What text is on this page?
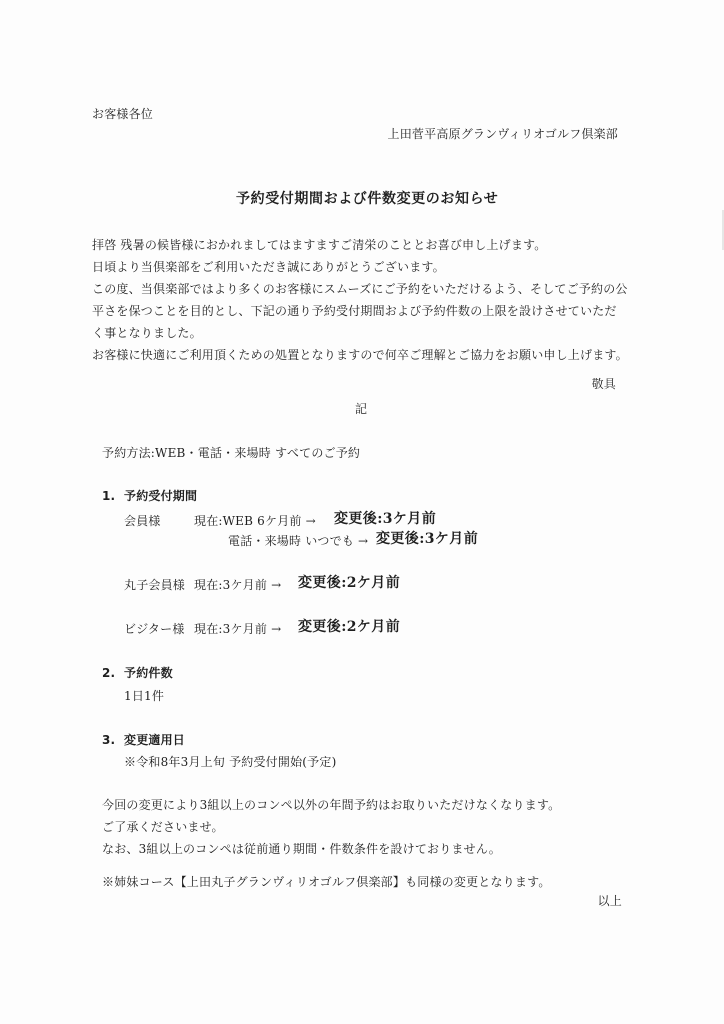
お客様各位
上田菅平高原グランヴィリオゴルフ倶楽部
予約受付期間および件数変更のお知らせ
拝啓 残暑の候皆様におかれましてはますますご清栄のこととお喜び申し上げます。
日頃より当倶楽部をご利用いただき誠にありがとうございます。
この度、当倶楽部ではより多くのお客様にスムーズにご予約をいただけるよう、そしてご予約の公
平さを保つことを目的とし、下記の通り予約受付期間および予約件数の上限を設けさせていただ
く事となりました。
お客様に快適にご利用頂くための処置となりますので何卒ご理解とご協力をお願い申し上げます。
敬具
記
予約方法:WEB・電話・来場時 すべてのご予約
1. 予約受付期間
会員様	現在:WEB 6ケ月前 → 変更後:3ケ月前
電話・来場時 いつでも → 変更後:3ケ月前
丸子会員様 現在:3ケ月前 → 変更後:2ケ月前
ビジター様 現在:3ケ月前 → 変更後:2ケ月前
2. 予約件数
1日1件
3. 変更適用日
※令和8年3月上旬 予約受付開始(予定)
今回の変更により3組以上のコンペ以外の年間予約はお取りいただけなくなります。
ご了承くださいませ。
なお、3組以上のコンペは従前通り期間・件数条件を設けておりません。
※姉妹コース【上田丸子グランヴィリオゴルフ倶楽部】も同様の変更となります。
以上
